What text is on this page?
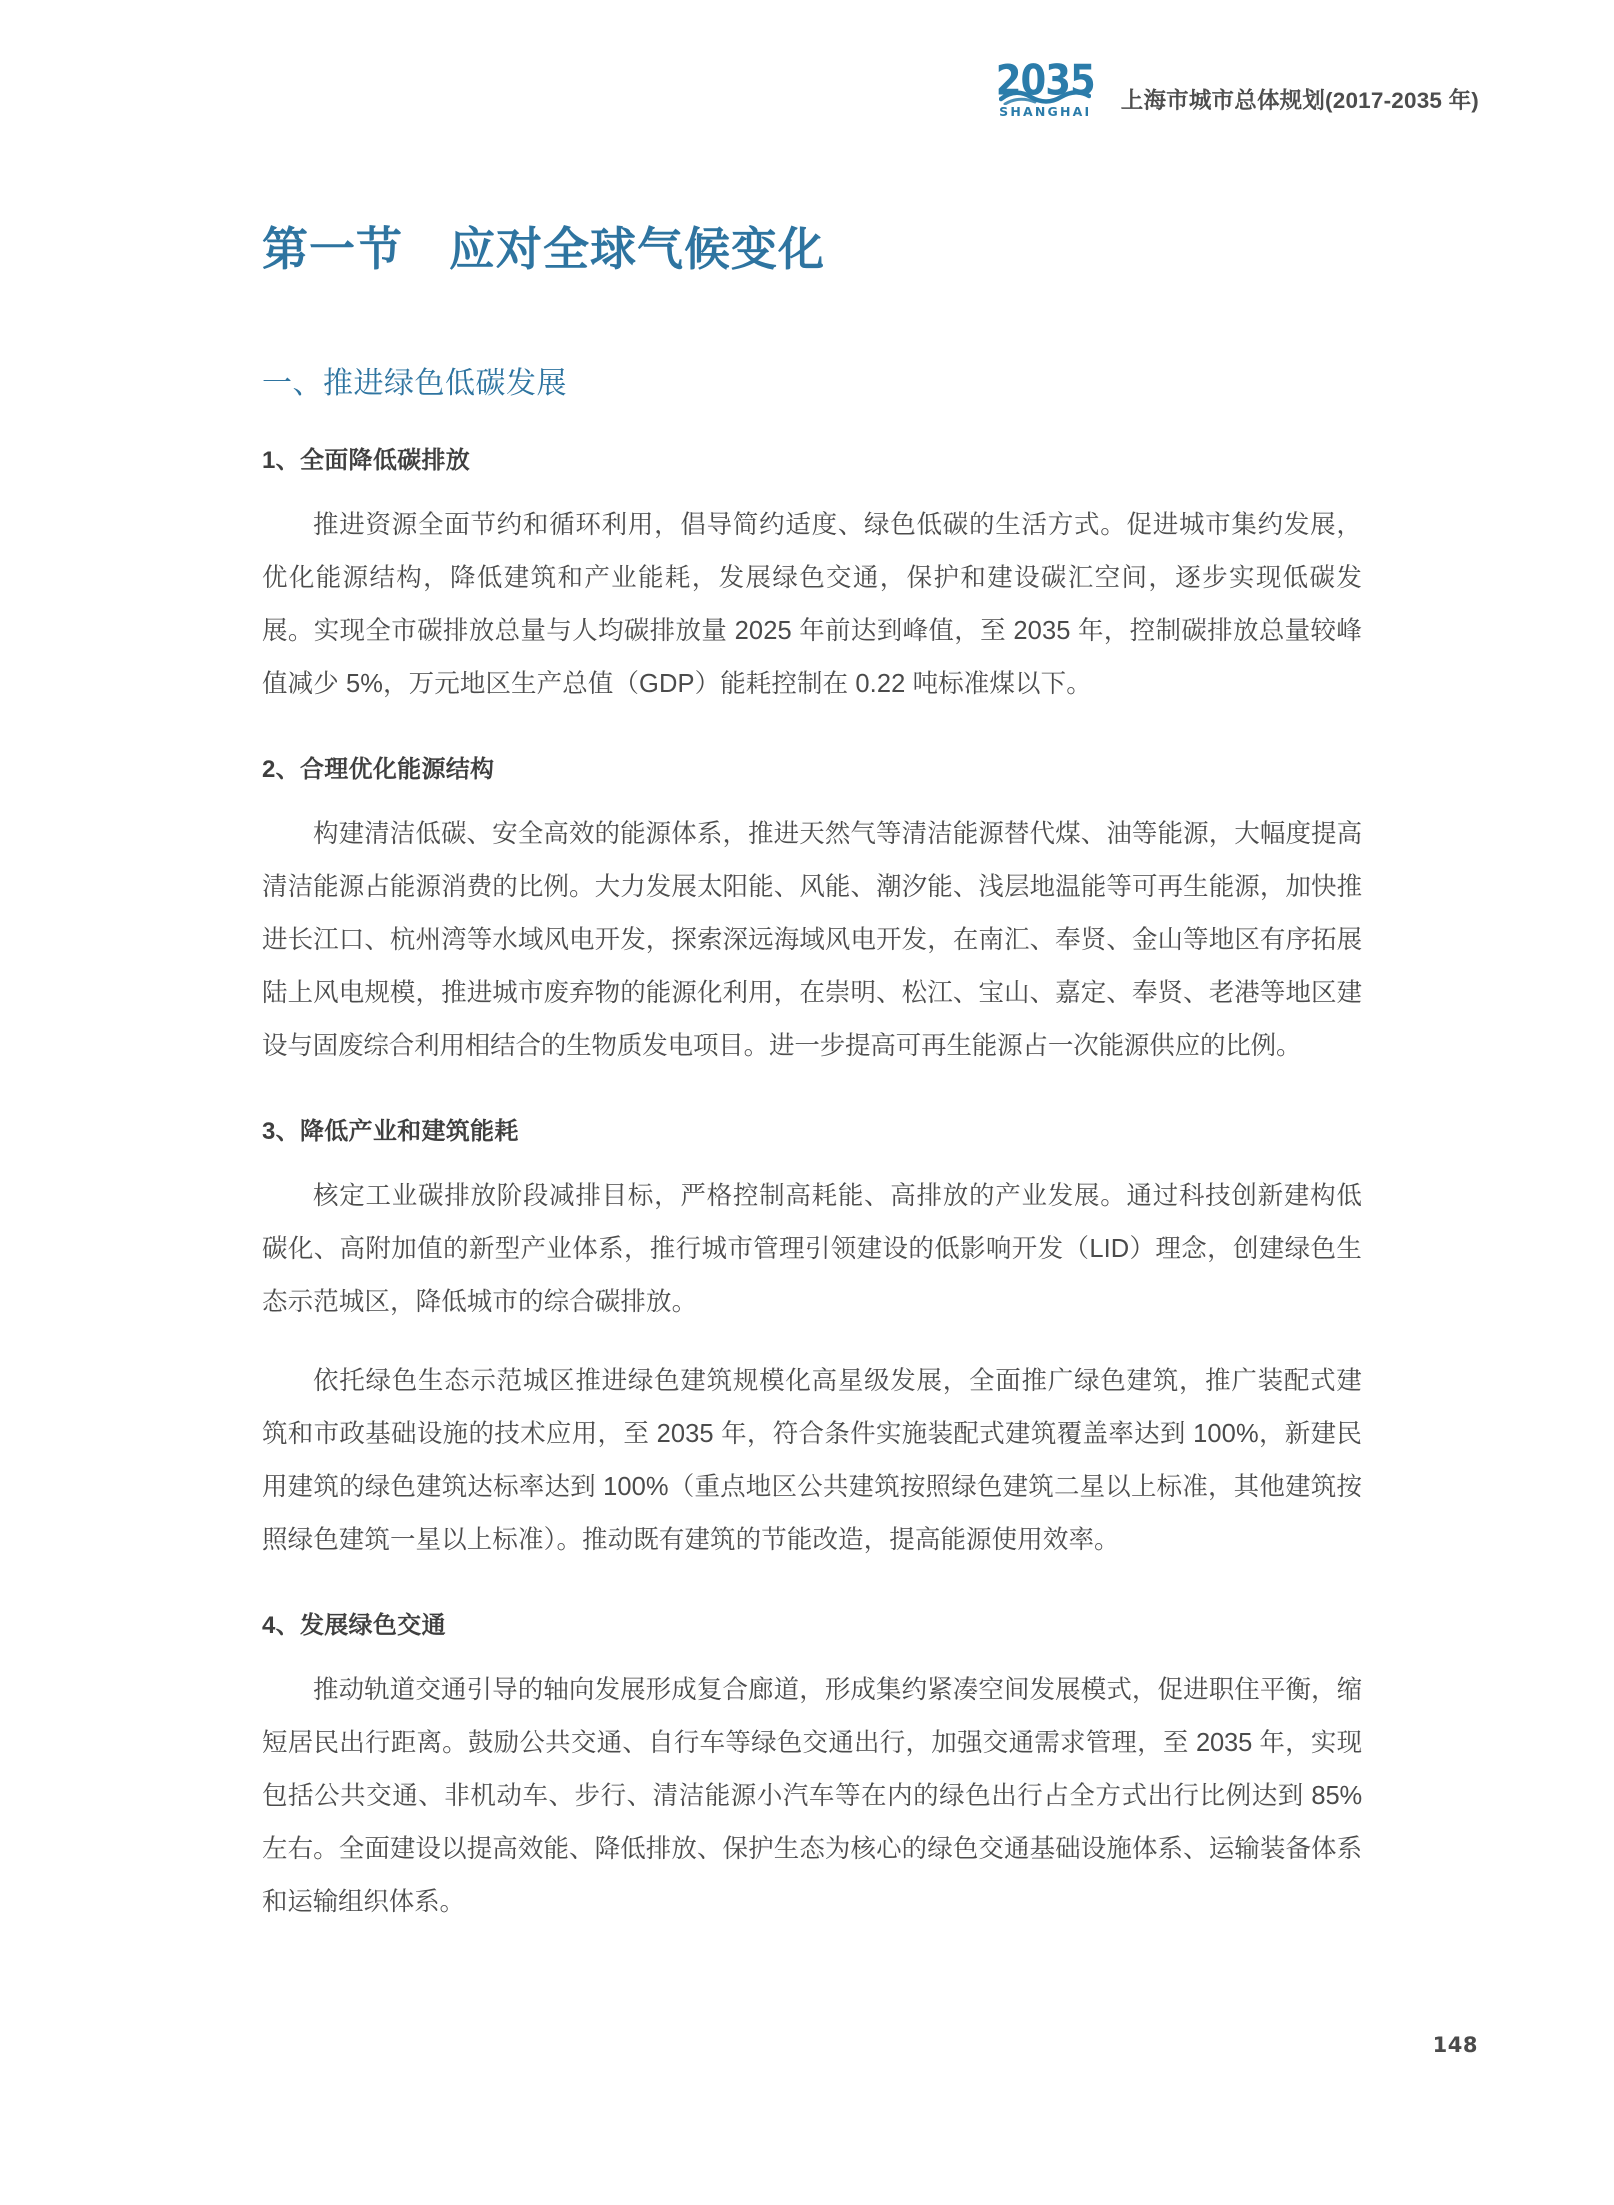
2035
SHANGHAI 上海市城市总体规划(2017-2035 年)
第一节 应对全球气候变化
一、推进绿色低碳发展
1、全面降低碳排放

推进资源全面节约和循环利用，倡导简约适度、绿色低碳的生活方式。促进城市集约发展，优化能源结构，降低建筑和产业能耗，发展绿色交通，保护和建设碳汇空间，逐步实现低碳发展。实现全市碳排放总量与人均碳排放量 2025 年前达到峰值，至 2035 年，控制碳排放总量较峰值减少 5%，万元地区生产总值（GDP）能耗控制在 0.22 吨标准煤以下。

2、合理优化能源结构

构建清洁低碳、安全高效的能源体系，推进天然气等清洁能源替代煤、油等能源，大幅度提高清洁能源占能源消费的比例。大力发展太阳能、风能、潮汐能、浅层地温能等可再生能源，加快推进长江口、杭州湾等水域风电开发，探索深远海域风电开发，在南汇、奉贤、金山等地区有序拓展陆上风电规模，推进城市废弃物的能源化利用，在崇明、松江、宝山、嘉定、奉贤、老港等地区建设与固废综合利用相结合的生物质发电项目。进一步提高可再生能源占一次能源供应的比例。

3、降低产业和建筑能耗

核定工业碳排放阶段减排目标，严格控制高耗能、高排放的产业发展。通过科技创新建构低碳化、高附加值的新型产业体系，推行城市管理引领建设的低影响开发（LID）理念，创建绿色生态示范城区，降低城市的综合碳排放。

依托绿色生态示范城区推进绿色建筑规模化高星级发展，全面推广绿色建筑，推广装配式建筑和市政基础设施的技术应用，至 2035 年，符合条件实施装配式建筑覆盖率达到 100%，新建民用建筑的绿色建筑达标率达到 100%（重点地区公共建筑按照绿色建筑二星以上标准，其他建筑按照绿色建筑一星以上标准）。推动既有建筑的节能改造，提高能源使用效率。

4、发展绿色交通

推动轨道交通引导的轴向发展形成复合廊道，形成集约紧凑空间发展模式，促进职住平衡，缩短居民出行距离。鼓励公共交通、自行车等绿色交通出行，加强交通需求管理，至 2035 年，实现包括公共交通、非机动车、步行、清洁能源小汽车等在内的绿色出行占全方式出行比例达到 85% 左右。全面建设以提高效能、降低排放、保护生态为核心的绿色交通基础设施体系、运输装备体系和运输组织体系。

148
